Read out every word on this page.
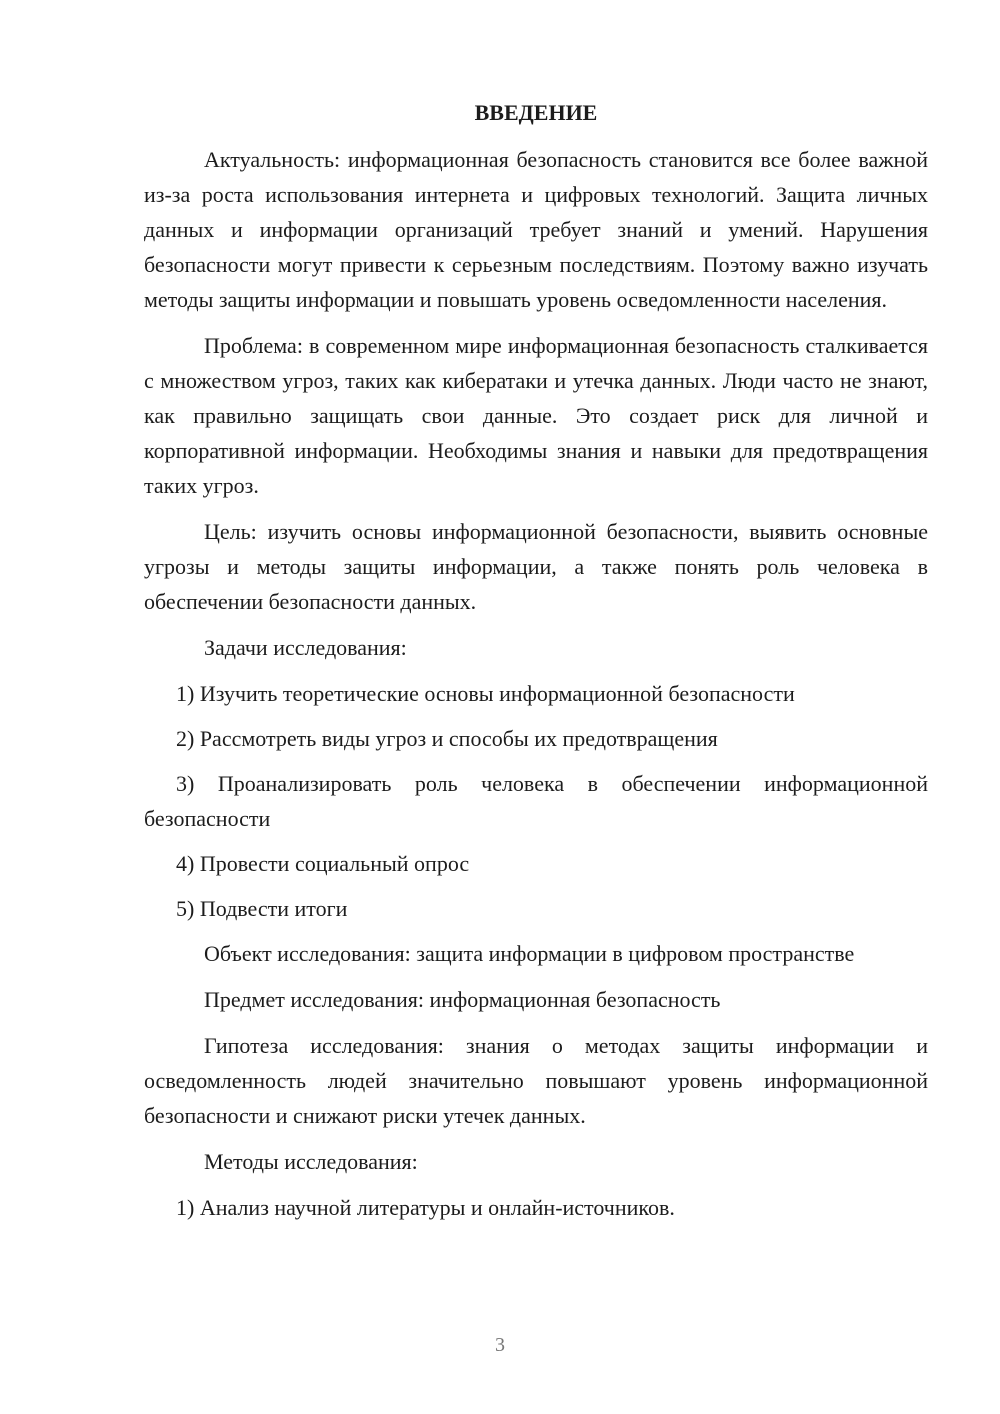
ВВЕДЕНИЕ

Актуальность: информационная безопасность становится все более важной из-за роста использования интернета и цифровых технологий. Защита личных данных и информации организаций требует знаний и умений. Нарушения безопасности могут привести к серьезным последствиям. Поэтому важно изучать методы защиты информации и повышать уровень осведомленности населения.

Проблема: в современном мире информационная безопасность сталкивается с множеством угроз, таких как кибератаки и утечка данных. Люди часто не знают, как правильно защищать свои данные. Это создает риск для личной и корпоративной информации. Необходимы знания и навыки для предотвращения таких угроз.

Цель: изучить основы информационной безопасности, выявить основные угрозы и методы защиты информации, а также понять роль человека в обеспечении безопасности данных.

Задачи исследования:

1) Изучить теоретические основы информационной безопасности

2) Рассмотреть виды угроз и способы их предотвращения

3) Проанализировать роль человека в обеспечении информационной безопасности

4) Провести социальный опрос

5) Подвести итоги

Объект исследования: защита информации в цифровом пространстве

Предмет исследования: информационная безопасность

Гипотеза исследования: знания о методах защиты информации и осведомленность людей значительно повышают уровень информационной безопасности и снижают риски утечек данных.

Методы исследования:

1) Анализ научной литературы и онлайн-источников.

3
